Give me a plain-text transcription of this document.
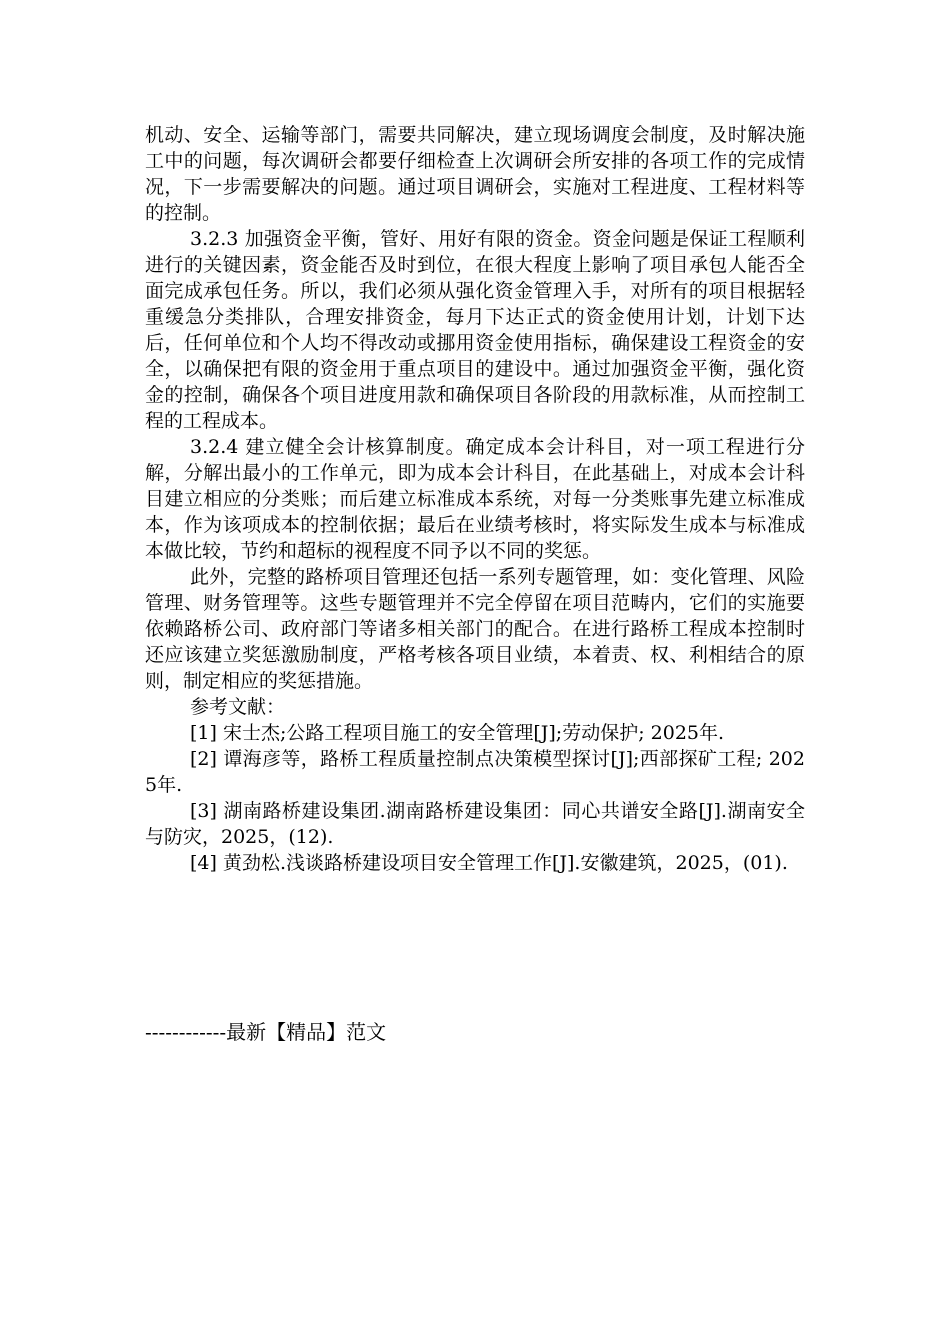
机动、安全、运输等部门，需要共同解决，建立现场调度会制度，及时解决施工中的问题，每次调研会都要仔细检查上次调研会所安排的各项工作的完成情况，下一步需要解决的问题。通过项目调研会，实施对工程进度、工程材料等的控制。

3.2.3 加强资金平衡，管好、用好有限的资金。资金问题是保证工程顺利进行的关键因素，资金能否及时到位，在很大程度上影响了项目承包人能否全面完成承包任务。所以，我们必须从强化资金管理入手，对所有的项目根据轻重缓急分类排队，合理安排资金，每月下达正式的资金使用计划，计划下达后，任何单位和个人均不得改动或挪用资金使用指标，确保建设工程资金的安全，以确保把有限的资金用于重点项目的建设中。通过加强资金平衡，强化资金的控制，确保各个项目进度用款和确保项目各阶段的用款标准，从而控制工程的工程成本。

3.2.4 建立健全会计核算制度。确定成本会计科目，对一项工程进行分解，分解出最小的工作单元，即为成本会计科目，在此基础上，对成本会计科目建立相应的分类账；而后建立标准成本系统，对每一分类账事先建立标准成本，作为该项成本的控制依据；最后在业绩考核时，将实际发生成本与标准成本做比较，节约和超标的视程度不同予以不同的奖惩。

此外，完整的路桥项目管理还包括一系列专题管理，如：变化管理、风险管理、财务管理等。这些专题管理并不完全停留在项目范畴内，它们的实施要依赖路桥公司、政府部门等诸多相关部门的配合。在进行路桥工程成本控制时还应该建立奖惩激励制度，严格考核各项目业绩，本着责、权、利相结合的原则，制定相应的奖惩措施。

参考文献：

[1] 宋士杰;公路工程项目施工的安全管理[J];劳动保护; 2025年.

[2] 谭海彦等，路桥工程质量控制点决策模型探讨[J];西部探矿工程; 2025年.

[3] 湖南路桥建设集团.湖南路桥建设集团：同心共谱安全路[J].湖南安全与防灾，2025，(12).

[4] 黄劲松.浅谈路桥建设项目安全管理工作[J].安徽建筑，2025，(01).

------------最新【精品】范文
